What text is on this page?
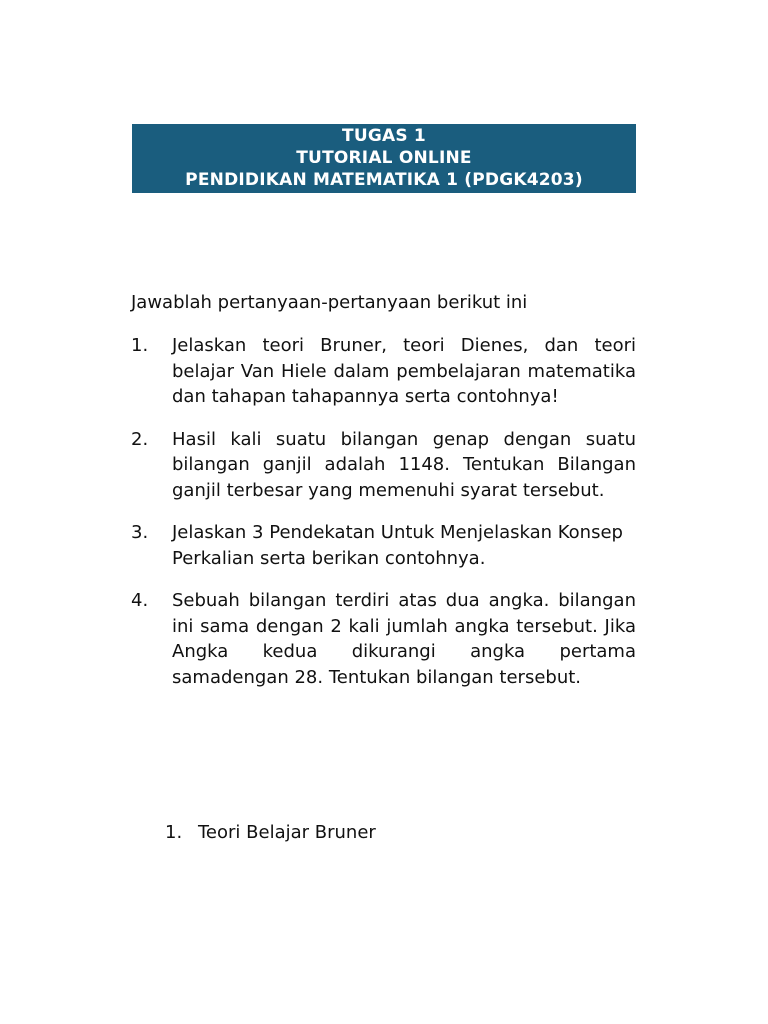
TUGAS 1
TUTORIAL ONLINE
PENDIDIKAN MATEMATIKA 1 (PDGK4203)
Jawablah pertanyaan-pertanyaan berikut ini
1.	Jelaskan teori Bruner, teori Dienes, dan teori belajar Van Hiele dalam pembelajaran matematika dan tahapan tahapannya serta contohnya!
2.	Hasil kali suatu bilangan genap dengan suatu bilangan ganjil adalah 1148. Tentukan Bilangan ganjil terbesar yang memenuhi syarat tersebut.
3.	Jelaskan 3 Pendekatan Untuk Menjelaskan Konsep
Perkalian serta berikan contohnya.
4.	Sebuah bilangan terdiri atas dua angka. bilangan ini sama dengan 2 kali jumlah angka tersebut. Jika Angka kedua dikurangi angka pertama samadengan 28. Tentukan bilangan tersebut.
1. Teori Belajar Bruner
